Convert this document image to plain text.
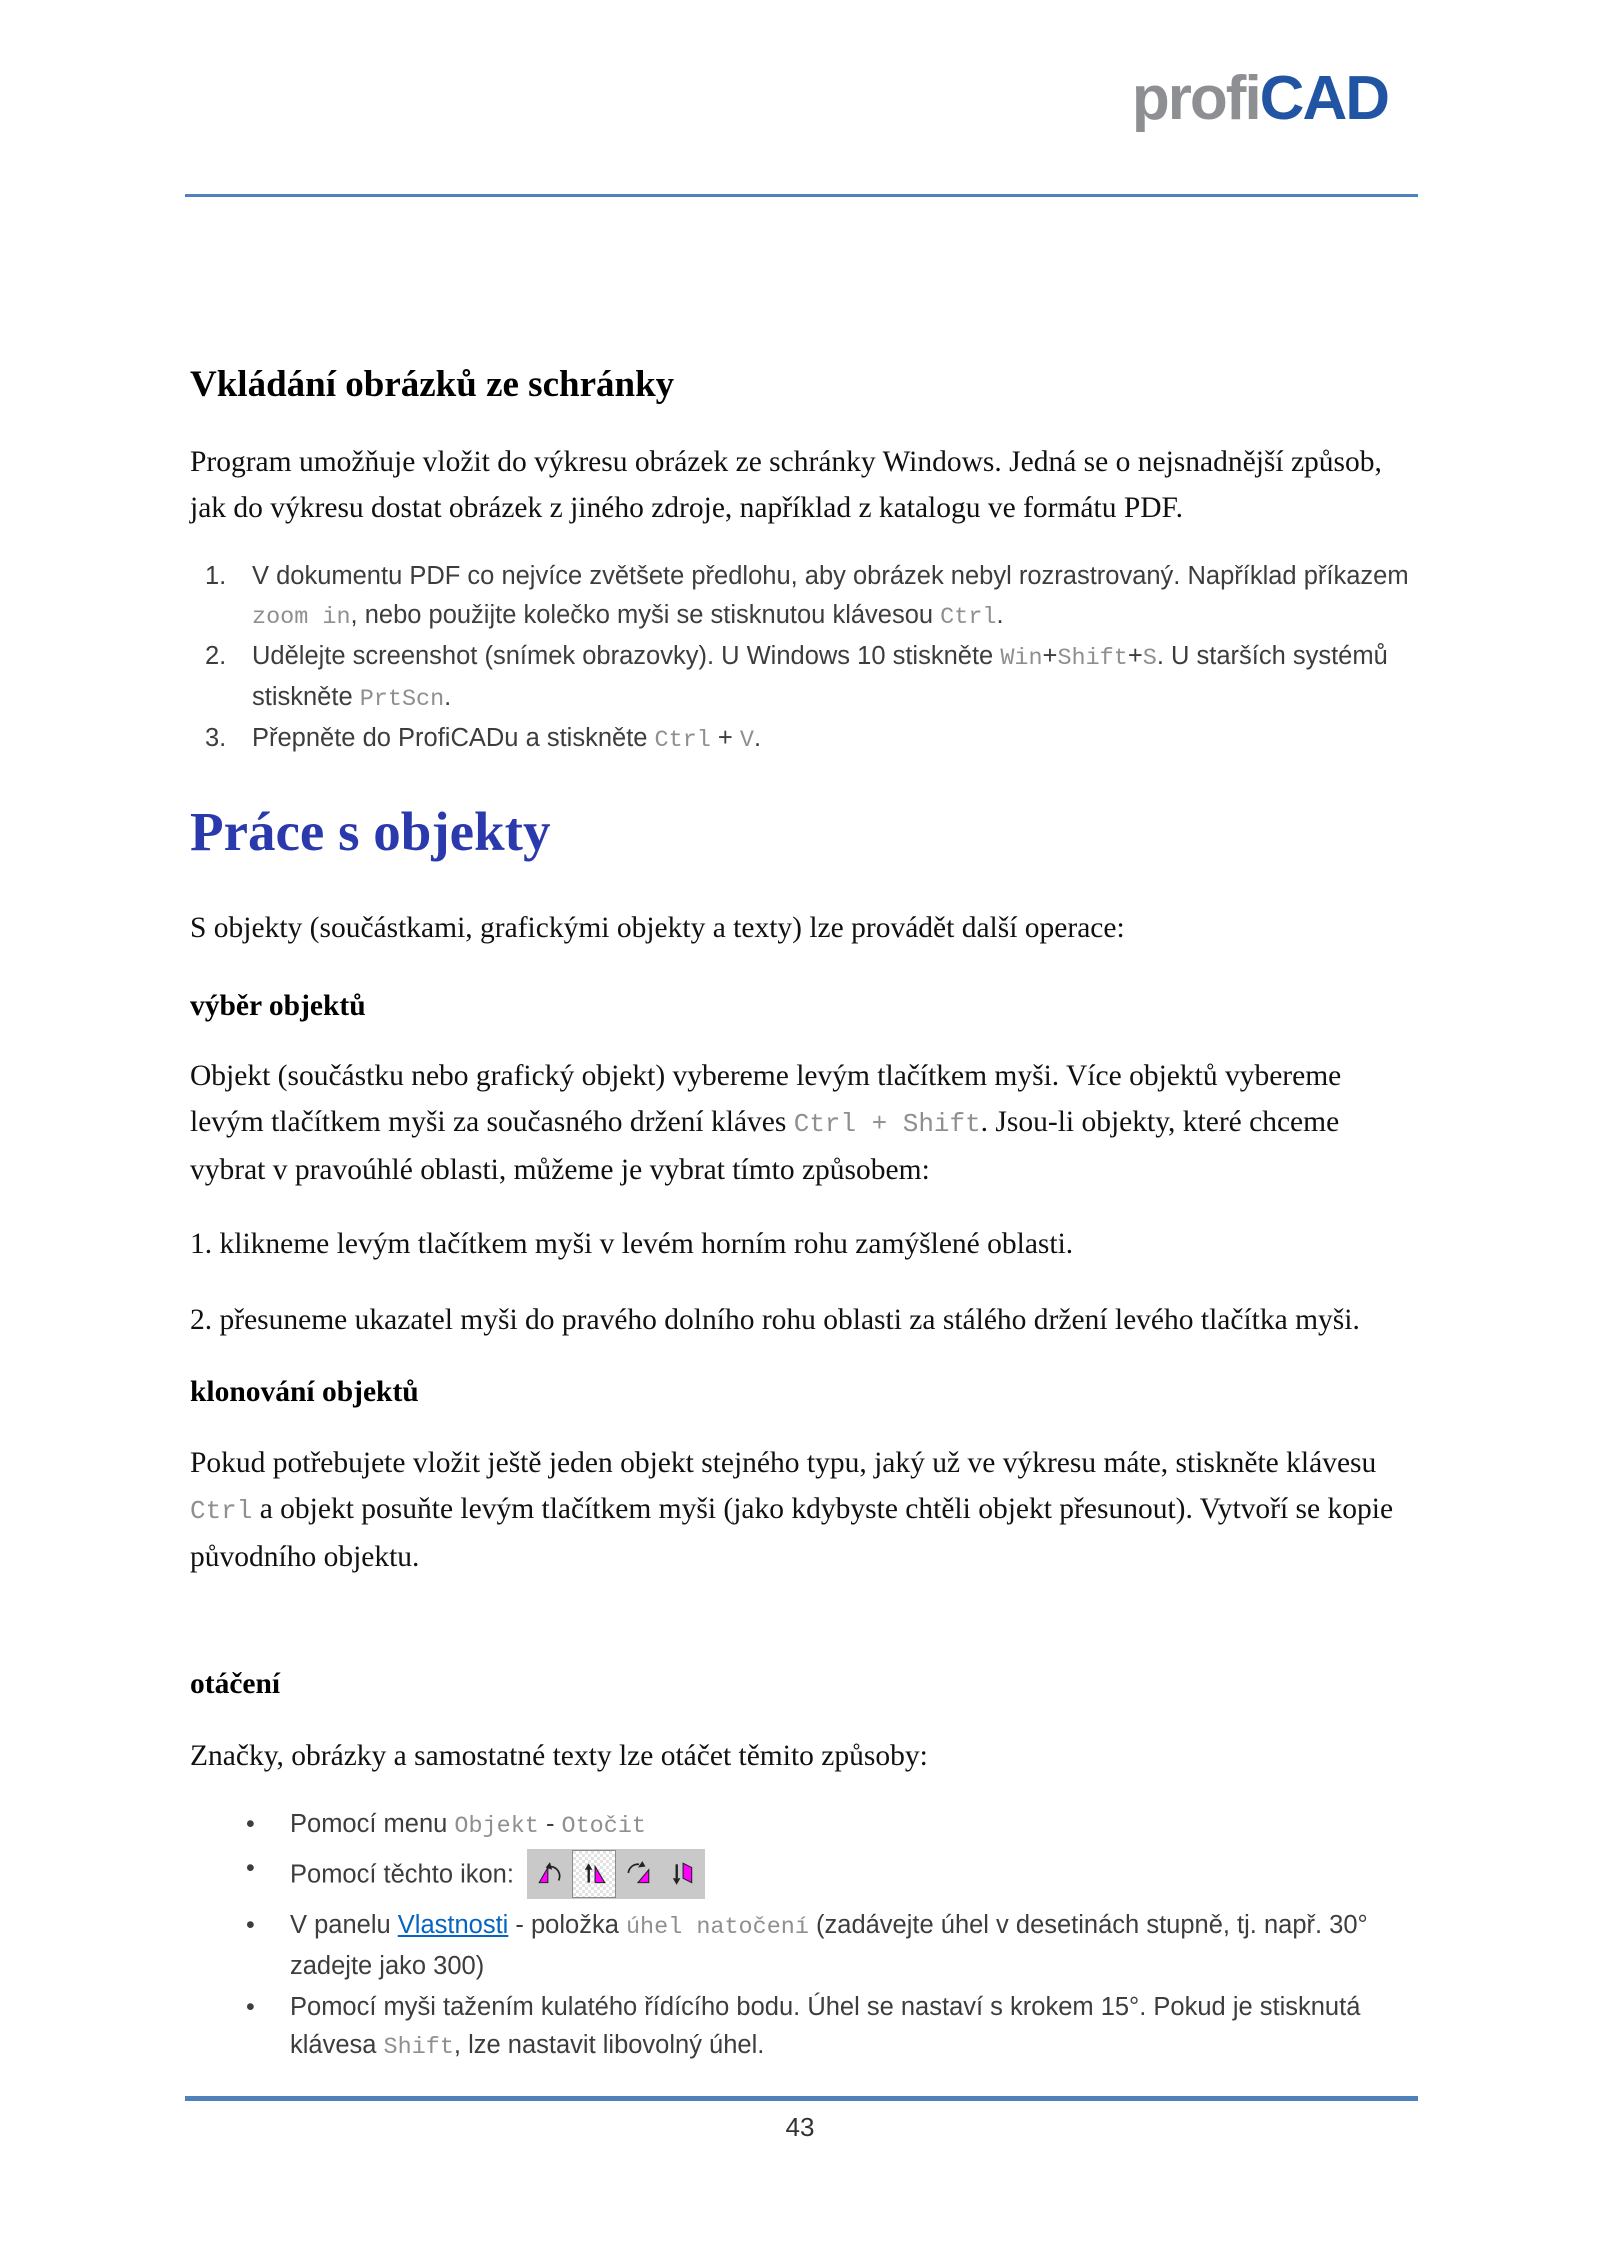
profiCAD
Vkládání obrázků ze schránky

Program umožňuje vložit do výkresu obrázek ze schránky Windows. Jedná se o nejsnadnější způsob, jak do výkresu dostat obrázek z jiného zdroje, například z katalogu ve formátu PDF.

1.	V dokumentu PDF co nejvíce zvětšete předlohu, aby obrázek nebyl rozrastrovaný. Například příkazem zoom in, nebo použijte kolečko myši se stisknutou klávesou Ctrl.
2.	Udělejte screenshot (snímek obrazovky). U Windows 10 stiskněte Win+Shift+S. U starších systémů stiskněte PrtScn.
3.	Přepněte do ProfiCADu a stiskněte Ctrl + V.
Práce s objekty

S objekty (součástkami, grafickými objekty a texty) lze provádět další operace:

výběr objektů

Objekt (součástku nebo grafický objekt) vybereme levým tlačítkem myši. Více objektů vybereme levým tlačítkem myši za současného držení kláves Ctrl + Shift. Jsou-li objekty, které chceme vybrat v pravoúhlé oblasti, můžeme je vybrat tímto způsobem:

1. klikneme levým tlačítkem myši v levém horním rohu zamýšlené oblasti.

2. přesuneme ukazatel myši do pravého dolního rohu oblasti za stálého držení levého tlačítka myši.

klonování objektů

Pokud potřebujete vložit ještě jeden objekt stejného typu, jaký už ve výkresu máte, stiskněte klávesu Ctrl a objekt posuňte levým tlačítkem myši (jako kdybyste chtěli objekt přesunout). Vytvoří se kopie původního objektu.

otáčení

Značky, obrázky a samostatné texty lze otáčet těmito způsoby:

•
Pomocí menu Objekt - Otočit
•
Pomocí těchto ikon:
•
V panelu Vlastnosti - položka úhel natočení (zadávejte úhel v desetinách stupně, tj. např. 30° zadejte jako 300)
•
Pomocí myši tažením kulatého řídícího bodu. Úhel se nastaví s krokem 15°. Pokud je stisknutá klávesa Shift, lze nastavit libovolný úhel.
43
